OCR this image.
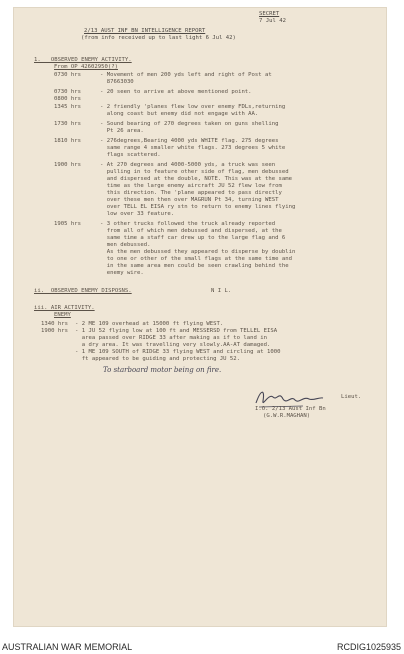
SECRET
7 Jul 42
2/13 AUST INF BN INTELLIGENCE REPORT
(from info received up to last light 6 Jul 42)
1.   OBSERVED ENEMY ACTIVITY.
From OP 42602950(?)
0730 hrs	- Movement of men 200 yds left and right of Post at
87663030
0730 hrs	- 20 seen to arrive at above mentioned point.
0800 hrs
1345 hrs	- 2 friendly 'planes flew low over enemy FDLs,returning
along coast but enemy did not engage with AA.
1730 hrs	- Sound bearing of 270 degrees taken on guns shelling
Pt 26 area.
1810 hrs	- 276degrees,Bearing 4000 yds WHITE flag. 275 degrees
same range 4 smaller white flags. 273 degrees 5 white
flags scattered.
1900 hrs	- At 270 degrees and 4000-5000 yds, a truck was seen
pulling in to feature other side of flag, men debussed
and dispersed at the double, NOTE. This was at the same
time as the large enemy aircraft JU 52 flew low from
this direction. The 'plane appeared to pass directly
over these men then over MAGRUN Pt 34, turning WEST
over TELL EL EISA ry stn to return to enemy lines flying
low over 33 feature.
1905 hrs	- 3 other trucks followed the truck already reported
from all of which men debussed and dispersed, at the
same time a staff car drew up to the large flag and 6
men debussed.
As the men debussed they appeared to disperse by doublin
to one or other of the small flags at the same time and
in the same area men could be seen crawling behind the
enemy wire.
ii.  OBSERVED ENEMY DISPOSNS.	N I L.
iii. AIR ACTIVITY.
ENEMY
1340 hrs - 2 ME 109 overhead at 15000 ft flying WEST.
1900 hrs - 1 JU 52 flying low at 100 ft and MESSERSD from TELLEL EISA
area passed over RIDGE 33 after making as if to land in
a dry area. It was travelling very slowly.AA-AT damaged.
- 1 ME 109 SOUTH of RIDGE 33 flying WEST and circling at 1000
ft appeared to be guiding and protecting JU 52.
To starboard motor being on fire.
Lieut.
I.O. 2/13 Aust Inf Bn
(G.W.R.MAGHAN)
AUSTRALIAN WAR MEMORIAL	RCDIG1025935
